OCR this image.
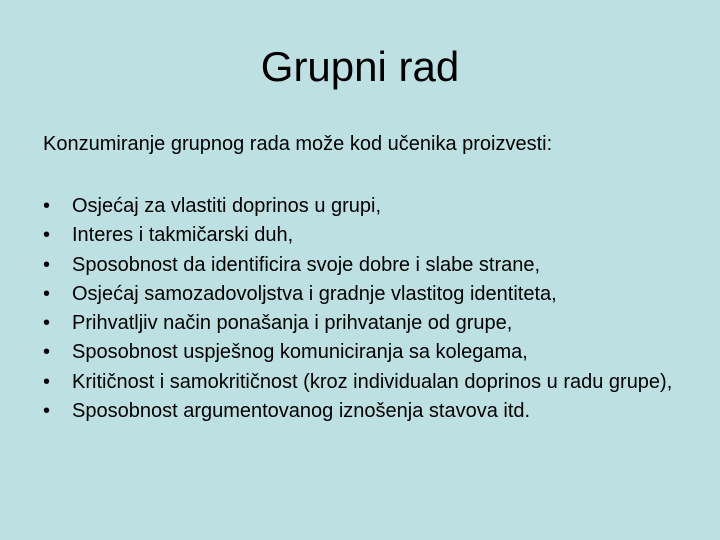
Grupni rad

Konzumiranje grupnog rada može kod učenika proizvesti:

•	Osjećaj za vlastiti doprinos u grupi,
•	Interes i takmičarski duh,
•	Sposobnost da identificira svoje dobre i slabe strane,
•	Osjećaj samozadovoljstva i gradnje vlastitog identiteta,
•	Prihvatljiv način ponašanja i prihvatanje od grupe,
•	Sposobnost uspješnog komuniciranja sa kolegama,
•	Kritičnost i samokritičnost (kroz individualan doprinos u radu grupe),
•	Sposobnost argumentovanog iznošenja stavova itd.
